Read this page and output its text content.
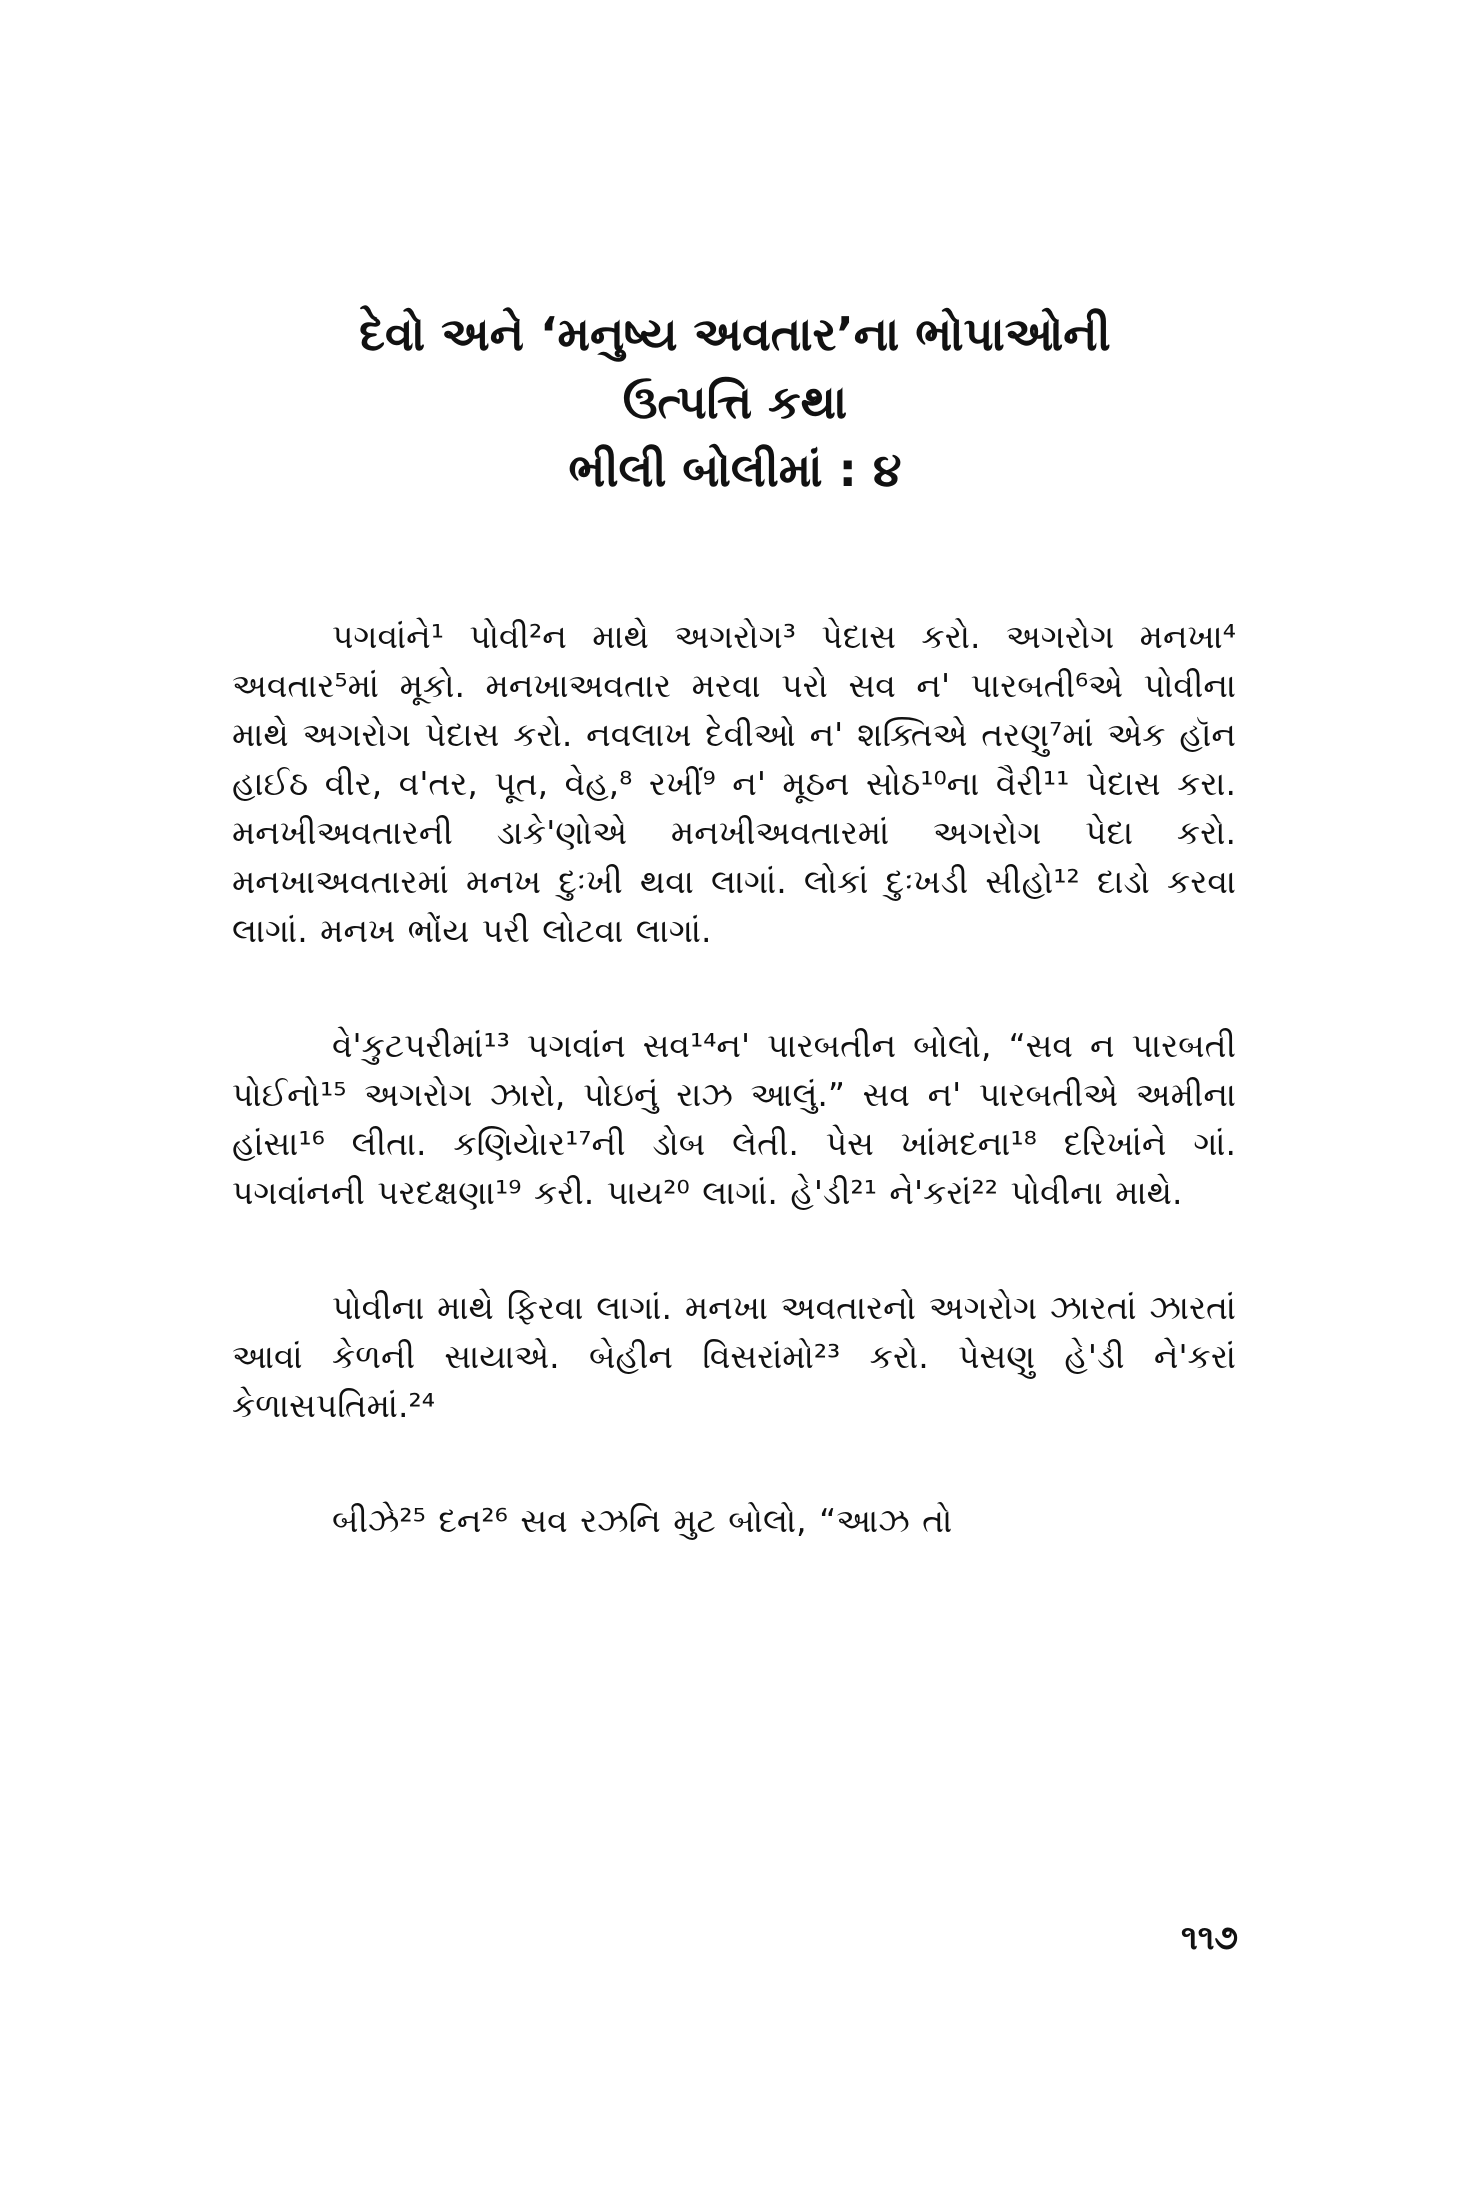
દેવો અને ‘મનુષ્ય અવતાર’ના ભોપાઓની
ઉત્પત્તિ કથા
ભીલી બોલીમાં : ૪

પગવાંને¹ પોવી²ન માથે અગરોગ³ પેદાસ કરો. અગરોગ મનખા⁴ અવતાર⁵માં મૂકો. મનખાઅવતાર મરવા પરો સવ ન' પારબતી⁶એ પોવીના માથે અગરોગ પેદાસ કરો. નવલાખ દેવીઓ ન' શક્તિએ તરણુ⁷માં એક હૉન હાઈઠ વીર, વ'તર, પૂત, વેહ,⁸ રખીં⁹ ન' મૂઠન સોઠ¹⁰ના વૈરી¹¹ પેદાસ કરા. મનખીઅવતારની ડાકે'ણોએ મનખીઅવતારમાં અગરોગ પેદા કરો. મનખાઅવતારમાં મનખ દુઃખી થવા લાગાં. લોકાં દુઃખડી સીહો¹² દાડો કરવા લાગાં. મનખ ભોંય પરી લોટવા લાગાં.

વે'કુટપરીમાં¹³ પગવાંન સવ¹⁴ન' પારબતીન બોલો, “સવ ન પારબતી પોઈનો¹⁵ અગરોગ ઝારો, પોઇનું રાઝ આલું.” સવ ન' પારબતીએ અમીના હાંસા¹⁶ લીતા. કણિયેાર¹⁷ની ડોબ લેતી. પેસ ખાંમદના¹⁸ દરિખાંને ગાં. પગવાંનની પરદક્ષણા¹⁹ કરી. પાય²⁰ લાગાં. હે'ડી²¹ ને'કરાં²² પોવીના માથે.

પોવીના માથે ફિરવા લાગાં. મનખા અવતારનો અગરોગ ઝારતાં ઝારતાં આવાં કેળની સાયાએ. બેહીન વિસરાંમો²³ કરો. પેસણુ હે'ડી ને'કરાં કેળાસપતિમાં.²⁴

બીઝે²⁵ દન²⁶ સવ રઝનિ મુટ બોલો, “આઝ તો

૧૧૭
